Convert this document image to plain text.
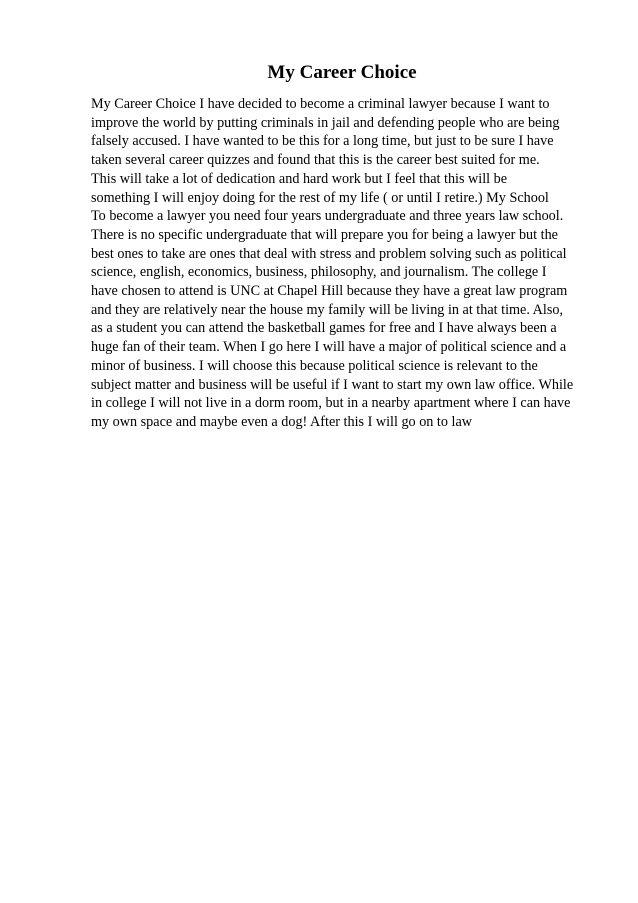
My Career Choice
My Career Choice I have decided to become a criminal lawyer because I want to
improve the world by putting criminals in jail and defending people who are being
falsely accused. I have wanted to be this for a long time, but just to be sure I have
taken several career quizzes and found that this is the career best suited for me.
This will take a lot of dedication and hard work but I feel that this will be
something I will enjoy doing for the rest of my life ( or until I retire.) My School
To become a lawyer you need four years undergraduate and three years law school.
There is no specific undergraduate that will prepare you for being a lawyer but the
best ones to take are ones that deal with stress and problem solving such as political
science, english, economics, business, philosophy, and journalism. The college I
have chosen to attend is UNC at Chapel Hill because they have a great law program
and they are relatively near the house my family will be living in at that time. Also,
as a student you can attend the basketball games for free and I have always been a
huge fan of their team. When I go here I will have a major of political science and a
minor of business. I will choose this because political science is relevant to the
subject matter and business will be useful if I want to start my own law office. While
in college I will not live in a dorm room, but in a nearby apartment where I can have
my own space and maybe even a dog! After this I will go on to law
